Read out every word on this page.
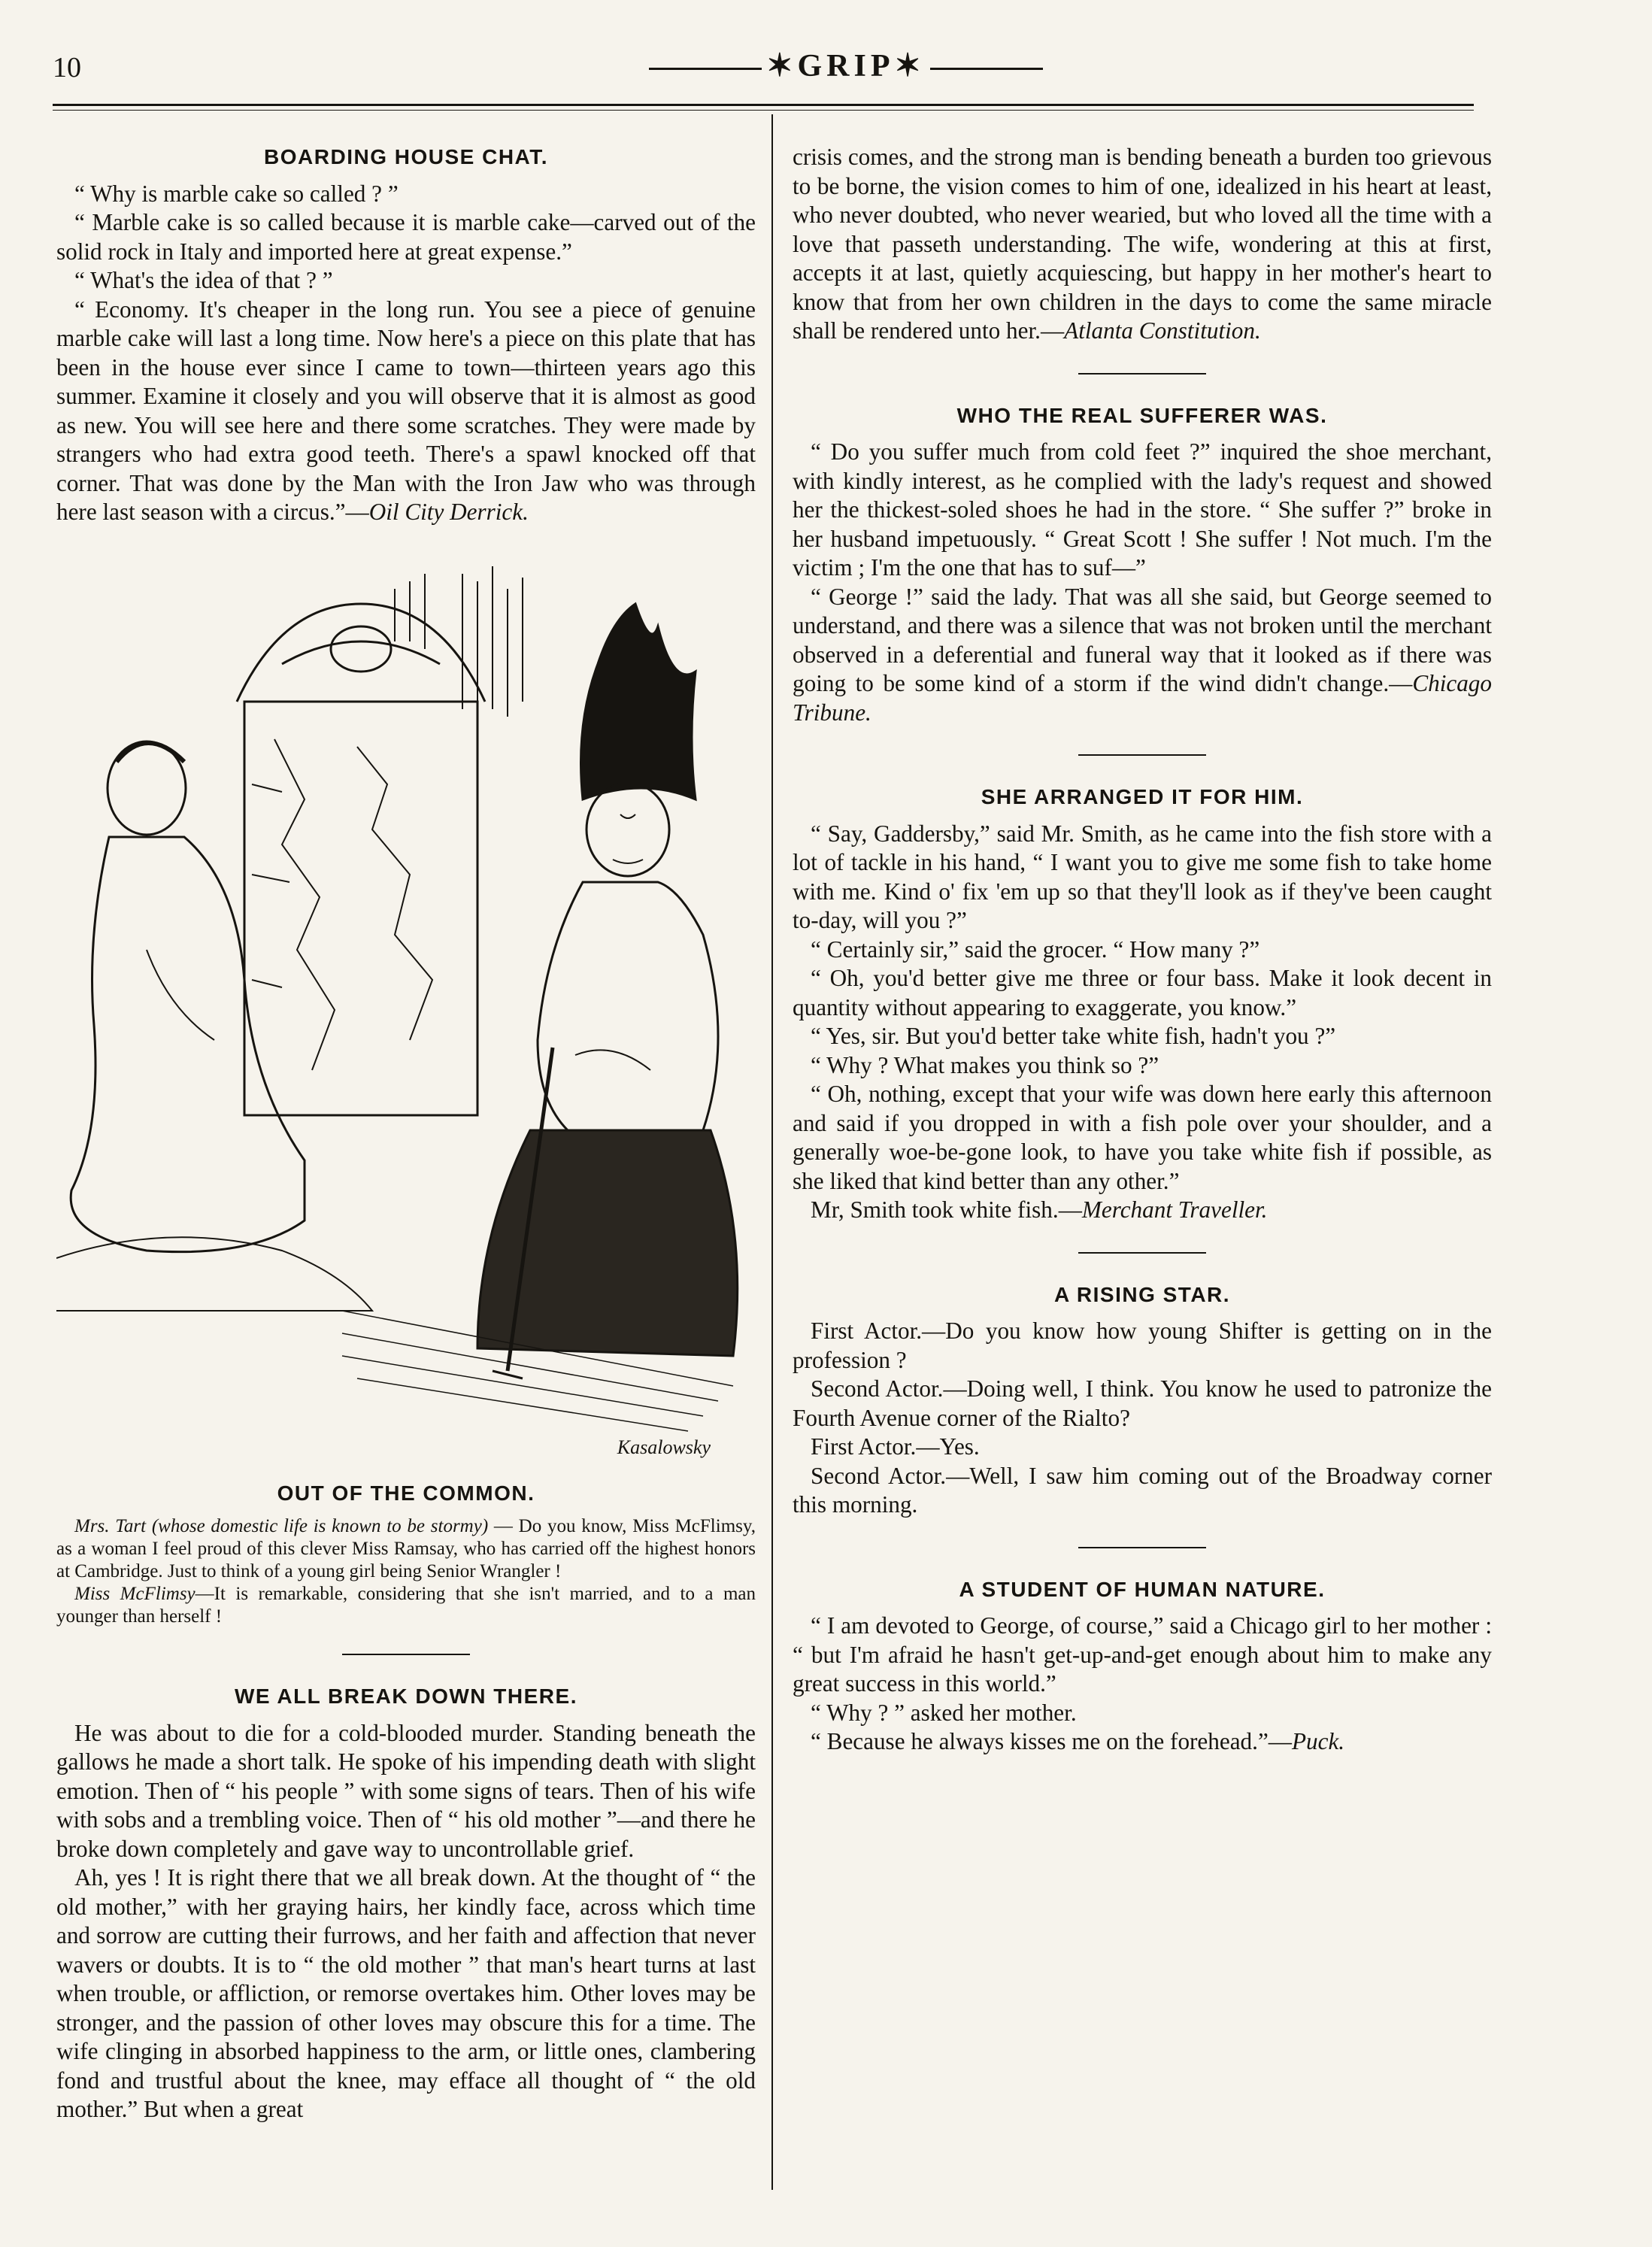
10	✶GRIP✶
BOARDING HOUSE CHAT.

“ Why is marble cake so called ? ”

“ Marble cake is so called because it is marble cake—carved out of the solid rock in Italy and imported here at great expense.”

“ What's the idea of that ? ”

“ Economy. It's cheaper in the long run. You see a piece of genuine marble cake will last a long time. Now here's a piece on this plate that has been in the house ever since I came to town—thirteen years ago this summer. Examine it closely and you will observe that it is almost as good as new. You will see here and there some scratches. They were made by strangers who had extra good teeth. There's a spawl knocked off that corner. That was done by the Man with the Iron Jaw who was through here last season with a circus.”—Oil City Derrick.

Kasalowsky
OUT OF THE COMMON.

Mrs. Tart (whose domestic life is known to be stormy) — Do you know, Miss McFlimsy, as a woman I feel proud of this clever Miss Ramsay, who has carried off the highest honors at Cambridge. Just to think of a young girl being Senior Wrangler !

Miss McFlimsy—It is remarkable, considering that she isn't married, and to a man younger than herself !

WE ALL BREAK DOWN THERE.

He was about to die for a cold-blooded murder. Standing beneath the gallows he made a short talk. He spoke of his impending death with slight emotion. Then of “ his people ” with some signs of tears. Then of his wife with sobs and a trembling voice. Then of “ his old mother ”—and there he broke down completely and gave way to uncontrollable grief.

Ah, yes ! It is right there that we all break down. At the thought of “ the old mother,” with her graying hairs, her kindly face, across which time and sorrow are cutting their furrows, and her faith and affection that never wavers or doubts. It is to “ the old mother ” that man's heart turns at last when trouble, or affliction, or remorse overtakes him. Other loves may be stronger, and the passion of other loves may obscure this for a time. The wife clinging in absorbed happiness to the arm, or little ones, clambering fond and trustful about the knee, may efface all thought of “ the old mother.” But when a great

crisis comes, and the strong man is bending beneath a burden too grievous to be borne, the vision comes to him of one, idealized in his heart at least, who never doubted, who never wearied, but who loved all the time with a love that passeth understanding. The wife, wondering at this at first, accepts it at last, quietly acquiescing, but happy in her mother's heart to know that from her own children in the days to come the same miracle shall be rendered unto her.—Atlanta Constitution.

WHO THE REAL SUFFERER WAS.

“ Do you suffer much from cold feet ?” inquired the shoe merchant, with kindly interest, as he complied with the lady's request and showed her the thickest-soled shoes he had in the store. “ She suffer ?” broke in her husband impetuously. “ Great Scott ! She suffer ! Not much. I'm the victim ; I'm the one that has to suf—”

“ George !” said the lady. That was all she said, but George seemed to understand, and there was a silence that was not broken until the merchant observed in a deferential and funeral way that it looked as if there was going to be some kind of a storm if the wind didn't change.—Chicago Tribune.

SHE ARRANGED IT FOR HIM.

“ Say, Gaddersby,” said Mr. Smith, as he came into the fish store with a lot of tackle in his hand, “ I want you to give me some fish to take home with me. Kind o' fix 'em up so that they'll look as if they've been caught to-day, will you ?”

“ Certainly sir,” said the grocer. “ How many ?”

“ Oh, you'd better give me three or four bass. Make it look decent in quantity without appearing to exaggerate, you know.”

“ Yes, sir. But you'd better take white fish, hadn't you ?”

“ Why ? What makes you think so ?”

“ Oh, nothing, except that your wife was down here early this afternoon and said if you dropped in with a fish pole over your shoulder, and a generally woe-be-gone look, to have you take white fish if possible, as she liked that kind better than any other.”

Mr, Smith took white fish.—Merchant Traveller.

A RISING STAR.

First Actor.—Do you know how young Shifter is getting on in the profession ?

Second Actor.—Doing well, I think. You know he used to patronize the Fourth Avenue corner of the Rialto?

First Actor.—Yes.

Second Actor.—Well, I saw him coming out of the Broadway corner this morning.

A STUDENT OF HUMAN NATURE.

“ I am devoted to George, of course,” said a Chicago girl to her mother : “ but I'm afraid he hasn't get-up-and-get enough about him to make any great success in this world.”

“ Why ? ” asked her mother.

“ Because he always kisses me on the forehead.”—Puck.
